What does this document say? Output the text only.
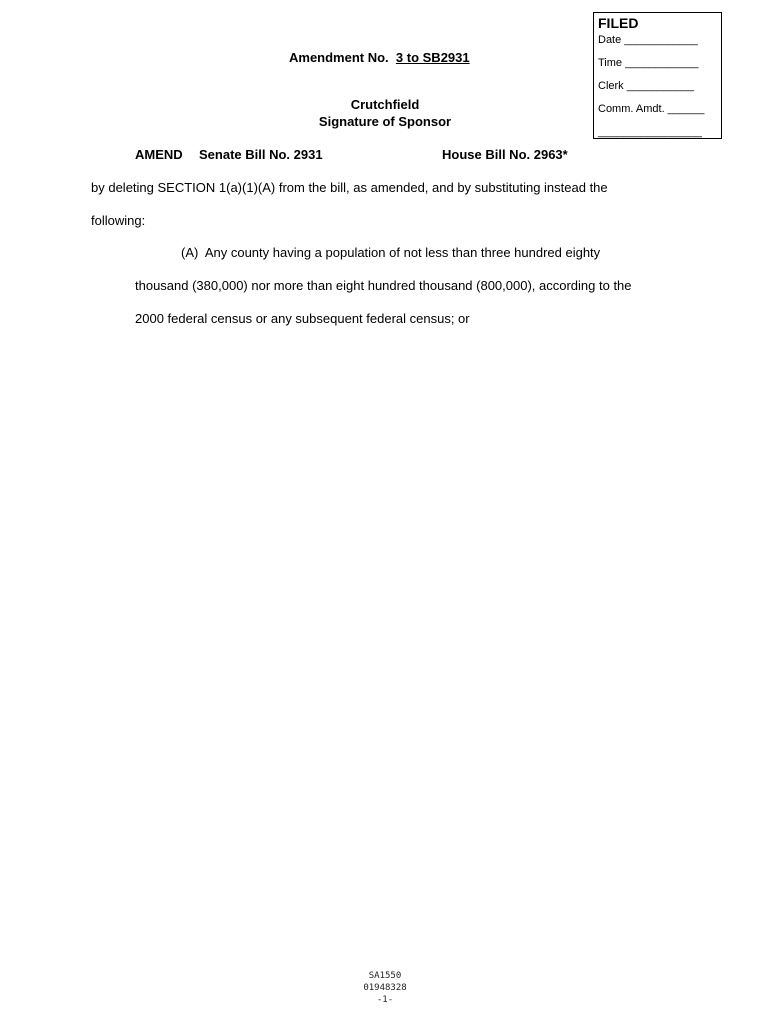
FILED
Date ____________
Time ____________
Clerk ___________
Comm. Amdt. ______
_________________
Amendment No.  3 to SB2931
Crutchfield
Signature of Sponsor
AMEND Senate Bill No. 2931	House Bill No. 2963*
by deleting SECTION 1(a)(1)(A) from the bill, as amended, and by substituting instead the
following:
(A)  Any county having a population of not less than three hundred eighty
thousand (380,000) nor more than eight hundred thousand (800,000), according to the
2000 federal census or any subsequent federal census; or
SA1550
01948328
-1-
